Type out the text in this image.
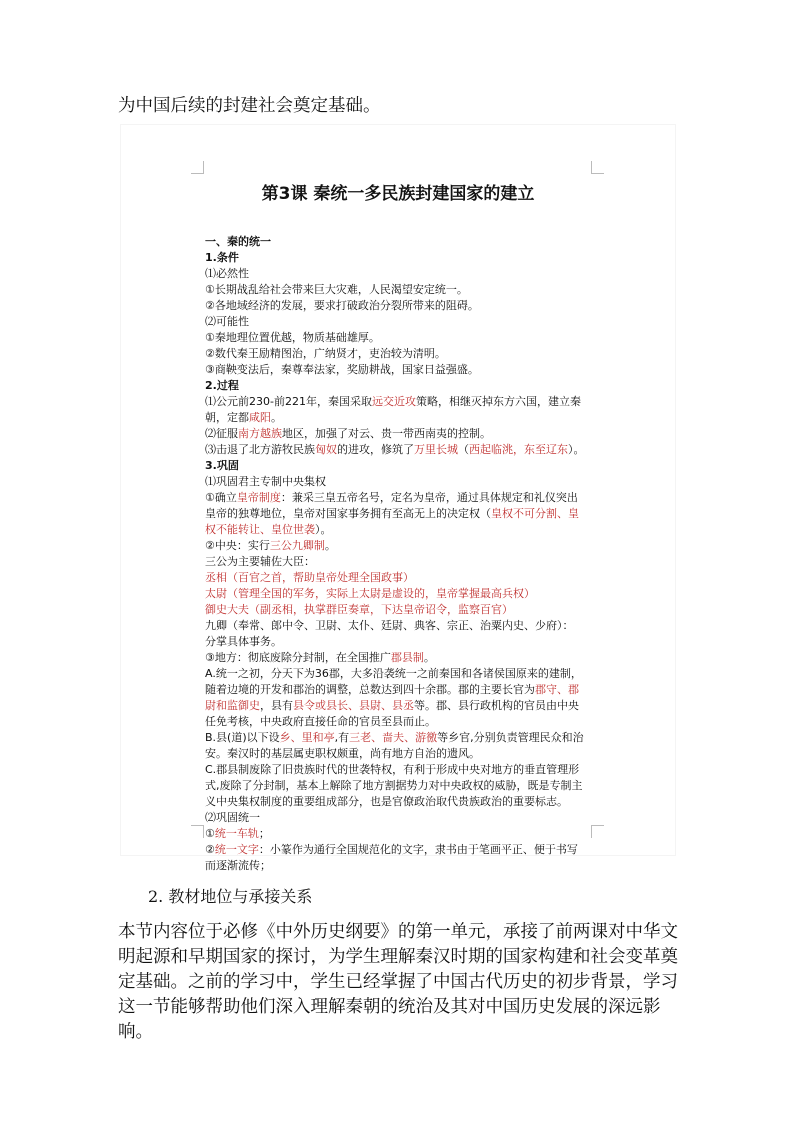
为中国后续的封建社会奠定基础。

第3课 秦统一多民族封建国家的建立
一、秦的统一
1.条件
⑴必然性
①长期战乱给社会带来巨大灾难，人民渴望安定统一。
②各地域经济的发展，要求打破政治分裂所带来的阻碍。
⑵可能性
①秦地理位置优越，物质基础雄厚。
②数代秦王励精图治，广纳贤才，吏治较为清明。
③商鞅变法后，秦尊奉法家，奖励耕战，国家日益强盛。
2.过程
⑴公元前230-前221年，秦国采取远交近攻策略，相继灭掉东方六国，建立秦
朝，定都咸阳。
⑵征服南方越族地区，加强了对云、贵一带西南夷的控制。
⑶击退了北方游牧民族匈奴的进攻，修筑了万里长城（西起临洮，东至辽东）。
3.巩固
⑴巩固君主专制中央集权
①确立皇帝制度：兼采三皇五帝名号，定名为皇帝，通过具体规定和礼仪突出
皇帝的独尊地位，皇帝对国家事务拥有至高无上的决定权（皇权不可分割、皇
权不能转让、皇位世袭）。
②中央：实行三公九卿制。
三公为主要辅佐大臣：
丞相（百官之首，帮助皇帝处理全国政事）
太尉（管理全国的军务，实际上太尉是虚设的，皇帝掌握最高兵权）
御史大夫（副丞相，执掌群臣奏章，下达皇帝诏令，监察百官）
九卿（奉常、郎中令、卫尉、太仆、廷尉、典客、宗正、治粟内史、少府）：
分掌具体事务。
③地方：彻底废除分封制，在全国推广郡县制。
A.统一之初，分天下为36郡，大多沿袭统一之前秦国和各诸侯国原来的建制，
随着边境的开发和郡治的调整，总数达到四十余郡。郡的主要长官为郡守、郡
尉和监御史，县有县令或县长、县尉、县丞等。郡、县行政机构的官员由中央
任免考核，中央政府直接任命的官员至县而止。
B.县(道)以下设乡、里和亭,有三老、啬夫、游徼等乡官,分别负责管理民众和治
安。秦汉时的基层属吏职权颇重，尚有地方自治的遗风。
C.郡县制废除了旧贵族时代的世袭特权，有利于形成中央对地方的垂直管理形
式,废除了分封制，基本上解除了地方割据势力对中央政权的威胁，既是专制主
义中央集权制度的重要组成部分，也是官僚政治取代贵族政治的重要标志。
⑵巩固统一
①统一车轨；
②统一文字：小篆作为通行全国规范化的文字，隶书由于笔画平正、便于书写
而逐渐流传；

2. 教材地位与承接关系

本节内容位于必修《中外历史纲要》的第一单元，承接了前两课对中华文明起源和早期国家的探讨，为学生理解秦汉时期的国家构建和社会变革奠定基础。之前的学习中，学生已经掌握了中国古代历史的初步背景，学习这一节能够帮助他们深入理解秦朝的统治及其对中国历史发展的深远影响。
